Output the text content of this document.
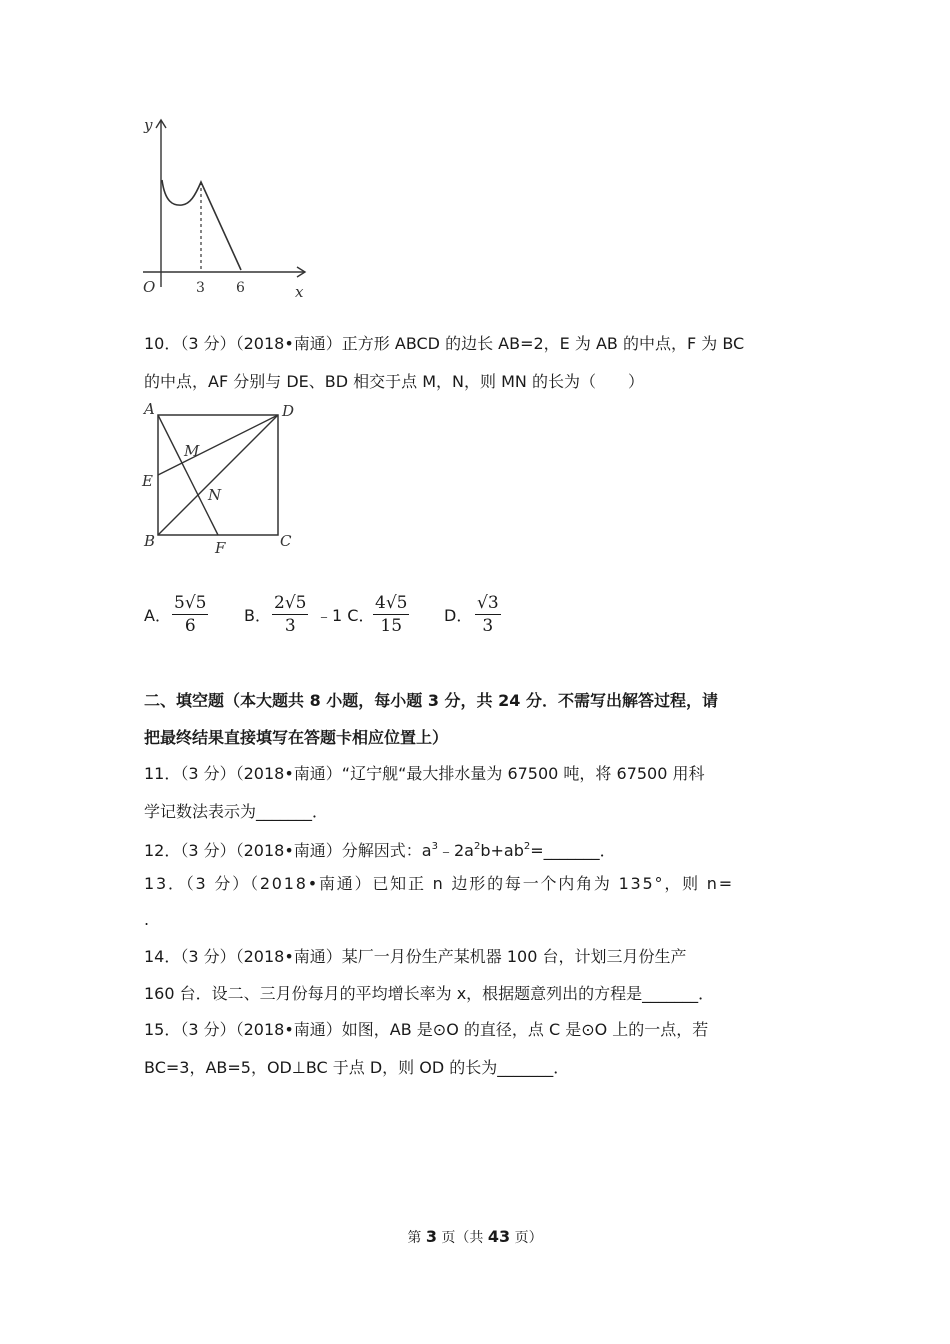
y
x
O	3 6
10．（3 分）（2018•南通）正方形 ABCD 的边长 AB=2，E 为 AB 的中点，F 为 BC
的中点，AF 分别与 DE、BD 相交于点 M，N，则 MN 的长为（　　）
A	D
E
M
N
B	F	C
A． $\frac{5√5}{6}$ B． $\frac{2√5}{3}$ ﹣1 C．
$\frac{4√5}{15}$ D． $\frac{√3}{3}$
二、填空题（本大题共 8 小题，每小题 3 分，共 24 分．不需写出解答过程，请
把最终结果直接填写在答题卡相应位置上）
11．（3 分）（2018•南通）“辽宁舰“最大排水量为 67500 吨，将 67500 用科
学记数法表示为_______．
12．（3 分）（2018•南通）分解因式：$a^3﹣2a^2b+ab^2=\_\_\_\_\_\_\_$．
13．（3 分）（2018•南通）已知正 n 边形的每一个内角为 135°，则 n=
.
14．（3 分）（2018•南通）某厂一月份生产某机器 100 台，计划三月份生产
160 台．设二、三月份每月的平均增长率为 x，根据题意列出的方程是_______．
15．（3 分）（2018•南通）如图，AB 是⊙O 的直径，点 C 是⊙O 上的一点，若
BC=3，AB=5，OD⊥BC 于点 D，则 OD 的长为_______．
第 3 页（共 43 页）
